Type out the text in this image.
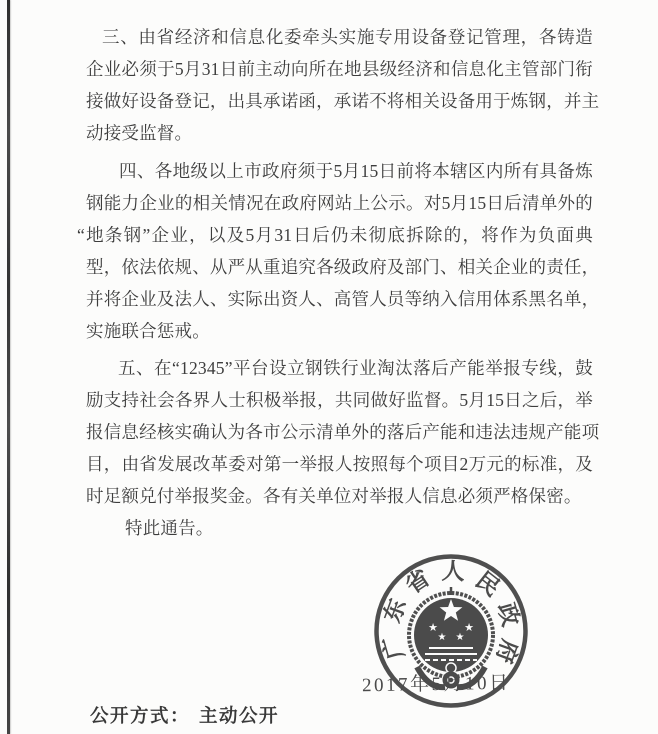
三、由省经济和信息化委牵头实施专用设备登记管理，各铸造
企业必须于5月31日前主动向所在地县级经济和信息化主管部门衔
接做好设备登记，出具承诺函，承诺不将相关设备用于炼钢，并主
动接受监督。
四、各地级以上市政府须于5月15日前将本辖区内所有具备炼
钢能力企业的相关情况在政府网站上公示。对5月15日后清单外的
“地条钢”企业，以及5月31日后仍未彻底拆除的，将作为负面典
型，依法依规、从严从重追究各级政府及部门、相关企业的责任，
并将企业及法人、实际出资人、高管人员等纳入信用体系黑名单，
实施联合惩戒。
五、在“12345”平台设立钢铁行业淘汰落后产能举报专线，鼓
励支持社会各界人士积极举报，共同做好监督。5月15日之后，举
报信息经核实确认为各市公示清单外的落后产能和违法违规产能项
目，由省发展改革委对第一举报人按照每个项目2万元的标准，及
时足额兑付举报奖金。各有关单位对举报人信息必须严格保密。
特此通告。
广
东
省 人 民
政
府
★ ★
★ ★
2017年5月10日
公开方式： 主动公开
